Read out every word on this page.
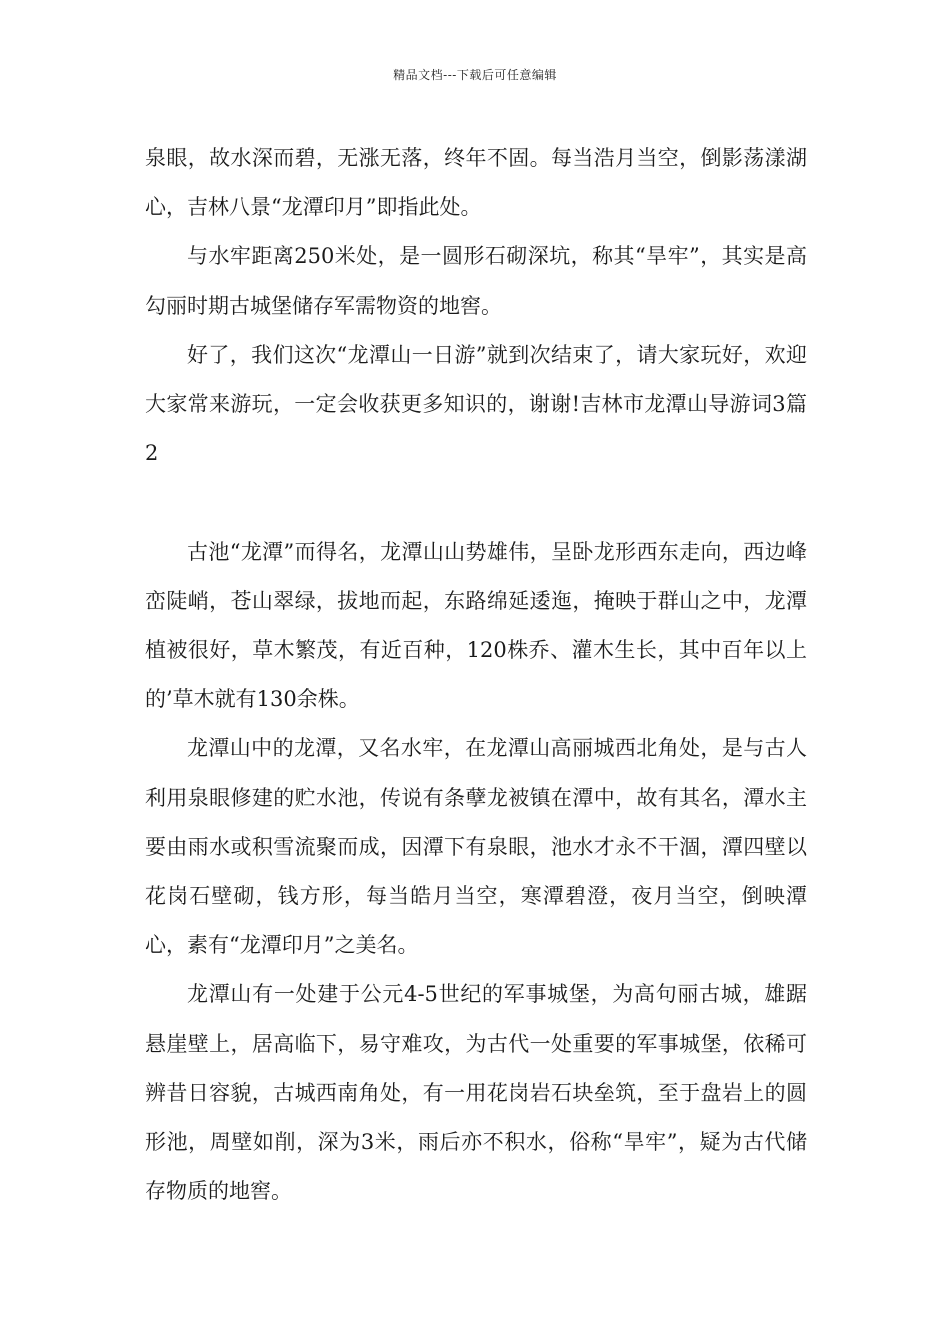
精品文档---下载后可任意编辑

泉眼，故水深而碧，无涨无落，终年不固。每当浩月当空，倒影荡漾湖心，吉林八景“龙潭印月”即指此处。

与水牢距离250米处，是一圆形石砌深坑，称其“旱牢”，其实是高勾丽时期古城堡储存军需物资的地窖。

好了，我们这次“龙潭山一日游”就到次结束了，请大家玩好，欢迎大家常来游玩，一定会收获更多知识的，谢谢!吉林市龙潭山导游词3篇2

古池“龙潭”而得名，龙潭山山势雄伟，呈卧龙形西东走向，西边峰峦陡峭，苍山翠绿，拔地而起，东路绵延逶迤，掩映于群山之中，龙潭植被很好，草木繁茂，有近百种，120株乔、灌木生长，其中百年以上的’草木就有130余株。

龙潭山中的龙潭，又名水牢，在龙潭山高丽城西北角处，是与古人利用泉眼修建的贮水池，传说有条孽龙被镇在潭中，故有其名，潭水主要由雨水或积雪流聚而成，因潭下有泉眼，池水才永不干涸，潭四壁以花岗石壁砌，钱方形，每当皓月当空，寒潭碧澄，夜月当空，倒映潭心，素有“龙潭印月”之美名。

龙潭山有一处建于公元4-5世纪的军事城堡，为高句丽古城，雄踞悬崖壁上，居高临下，易守难攻，为古代一处重要的军事城堡，依稀可辨昔日容貌，古城西南角处，有一用花岗岩石块垒筑，至于盘岩上的圆形池，周壁如削，深为3米，雨后亦不积水，俗称“旱牢”，疑为古代储存物质的地窖。
